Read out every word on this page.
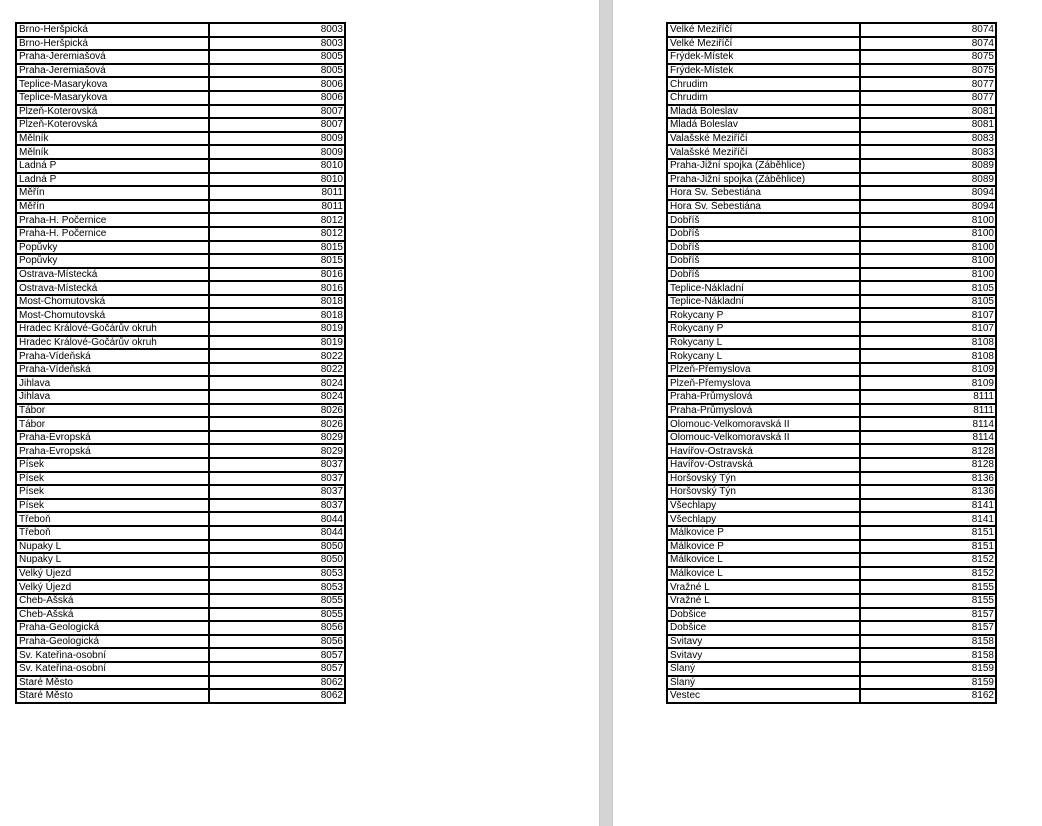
Brno-Heršpická	8003
Brno-Heršpická	8003
Praha-Jeremiašová	8005
Praha-Jeremiašová	8005
Teplice-Masarykova	8006
Teplice-Masarykova	8006
Plzeň-Koterovská	8007
Plzeň-Koterovská	8007
Mělník	8009
Mělník	8009
Ladná P	8010
Ladná P	8010
Měřín	8011
Měřín	8011
Praha-H. Počernice	8012
Praha-H. Počernice	8012
Popůvky	8015
Popůvky	8015
Ostrava-Místecká	8016
Ostrava-Místecká	8016
Most-Chomutovská	8018
Most-Chomutovská	8018
Hradec Králové-Gočárův okruh	8019
Hradec Králové-Gočárův okruh	8019
Praha-Vídeňská	8022
Praha-Vídeňská	8022
Jihlava	8024
Jihlava	8024
Tábor	8026
Tábor	8026
Praha-Evropská	8029
Praha-Evropská	8029
Písek	8037
Písek	8037
Písek	8037
Písek	8037
Třeboň	8044
Třeboň	8044
Nupaky L	8050
Nupaky L	8050
Velký Újezd	8053
Velký Újezd	8053
Cheb-Ašská	8055
Cheb-Ašská	8055
Praha-Geologická	8056
Praha-Geologická	8056
Sv. Kateřina-osobní	8057
Sv. Kateřina-osobní	8057
Staré Město	8062
Staré Město	8062
Velké Meziříčí	8074
Velké Meziříčí	8074
Frýdek-Místek	8075
Frýdek-Místek	8075
Chrudim	8077
Chrudim	8077
Mladá Boleslav	8081
Mladá Boleslav	8081
Valašské Meziříčí	8083
Valašské Meziříčí	8083
Praha-Jižní spojka (Záběhlice)	8089
Praha-Jižní spojka (Záběhlice)	8089
Hora Sv. Šebestiána	8094
Hora Sv. Šebestiána	8094
Dobříš	8100
Dobříš	8100
Dobříš	8100
Dobříš	8100
Dobříš	8100
Teplice-Nákladní	8105
Teplice-Nákladní	8105
Rokycany P	8107
Rokycany P	8107
Rokycany L	8108
Rokycany L	8108
Plzeň-Přemyslova	8109
Plzeň-Přemyslova	8109
Praha-Průmyslová	8111
Praha-Průmyslová	8111
Olomouc-Velkomoravská II	8114
Olomouc-Velkomoravská II	8114
Havířov-Ostravská	8128
Havířov-Ostravská	8128
Horšovský Týn	8136
Horšovský Týn	8136
Všechlapy	8141
Všechlapy	8141
Málkovice P	8151
Málkovice P	8151
Málkovice L	8152
Málkovice L	8152
Vražné L	8155
Vražné L	8155
Dobšice	8157
Dobšice	8157
Svitavy	8158
Svitavy	8158
Slaný	8159
Slaný	8159
Vestec	8162
